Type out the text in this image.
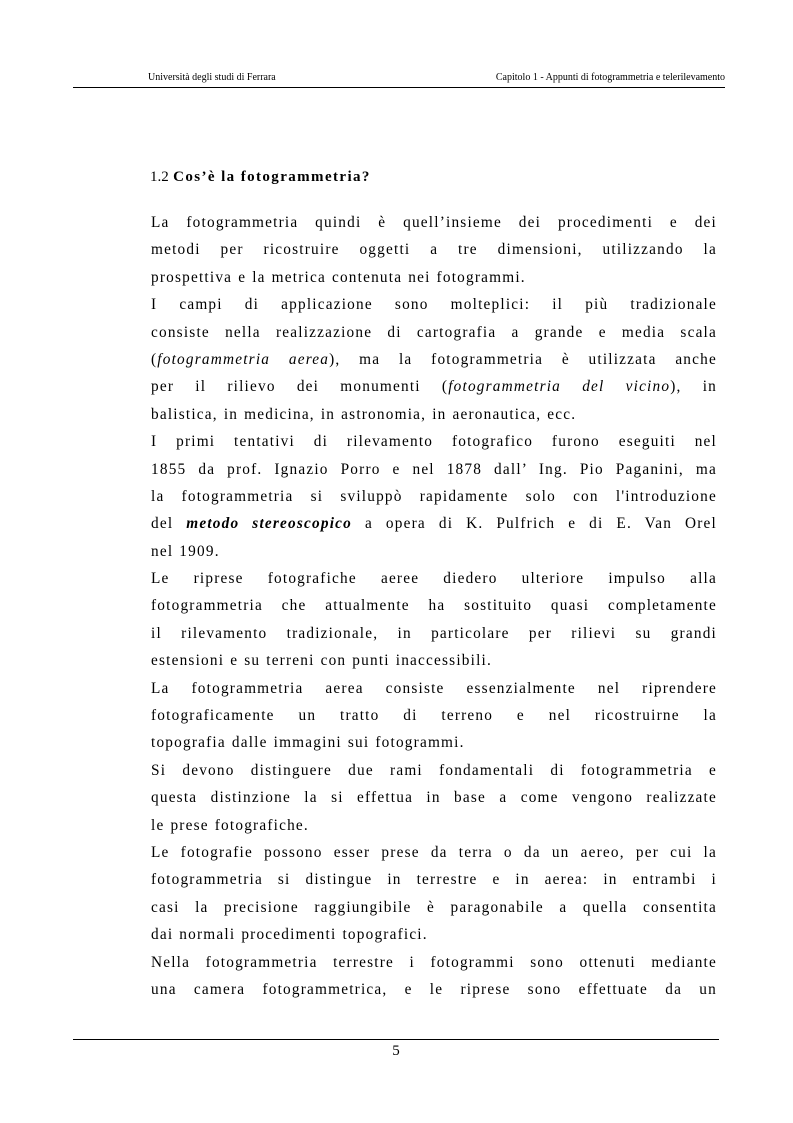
Università degli studi di Ferrara	Capitolo 1 - Appunti di fotogrammetria e telerilevamento
1.2 Cos’è la fotogrammetria?
La fotogrammetria quindi è quell’insieme dei procedimenti e dei
metodi per ricostruire oggetti a tre dimensioni, utilizzando la
prospettiva e la metrica contenuta nei fotogrammi.
I campi di applicazione sono molteplici: il più tradizionale
consiste nella realizzazione di cartografia a grande e media scala
(fotogrammetria aerea), ma la fotogrammetria è utilizzata anche
per il rilievo dei monumenti (fotogrammetria del vicino), in
balistica, in medicina, in astronomia, in aeronautica, ecc.
I primi tentativi di rilevamento fotografico furono eseguiti nel
1855 da prof. Ignazio Porro e nel 1878 dall’ Ing. Pio Paganini, ma
la fotogrammetria si sviluppò rapidamente solo con l'introduzione
del metodo stereoscopico a opera di K. Pulfrich e di E. Van Orel
nel 1909.
Le riprese fotografiche aeree diedero ulteriore impulso alla
fotogrammetria che attualmente ha sostituito quasi completamente
il rilevamento tradizionale, in particolare per rilievi su grandi
estensioni e su terreni con punti inaccessibili.
La fotogrammetria aerea consiste essenzialmente nel riprendere
fotograficamente un tratto di terreno e nel ricostruirne la
topografia dalle immagini sui fotogrammi.
Si devono distinguere due rami fondamentali di fotogrammetria e
questa distinzione la si effettua in base a come vengono realizzate
le prese fotografiche.
Le fotografie possono esser prese da terra o da un aereo, per cui la
fotogrammetria si distingue in terrestre e in aerea: in entrambi i
casi la precisione raggiungibile è paragonabile a quella consentita
dai normali procedimenti topografici.
Nella fotogrammetria terrestre i fotogrammi sono ottenuti mediante
una camera fotogrammetrica, e le riprese sono effettuate da un
5
